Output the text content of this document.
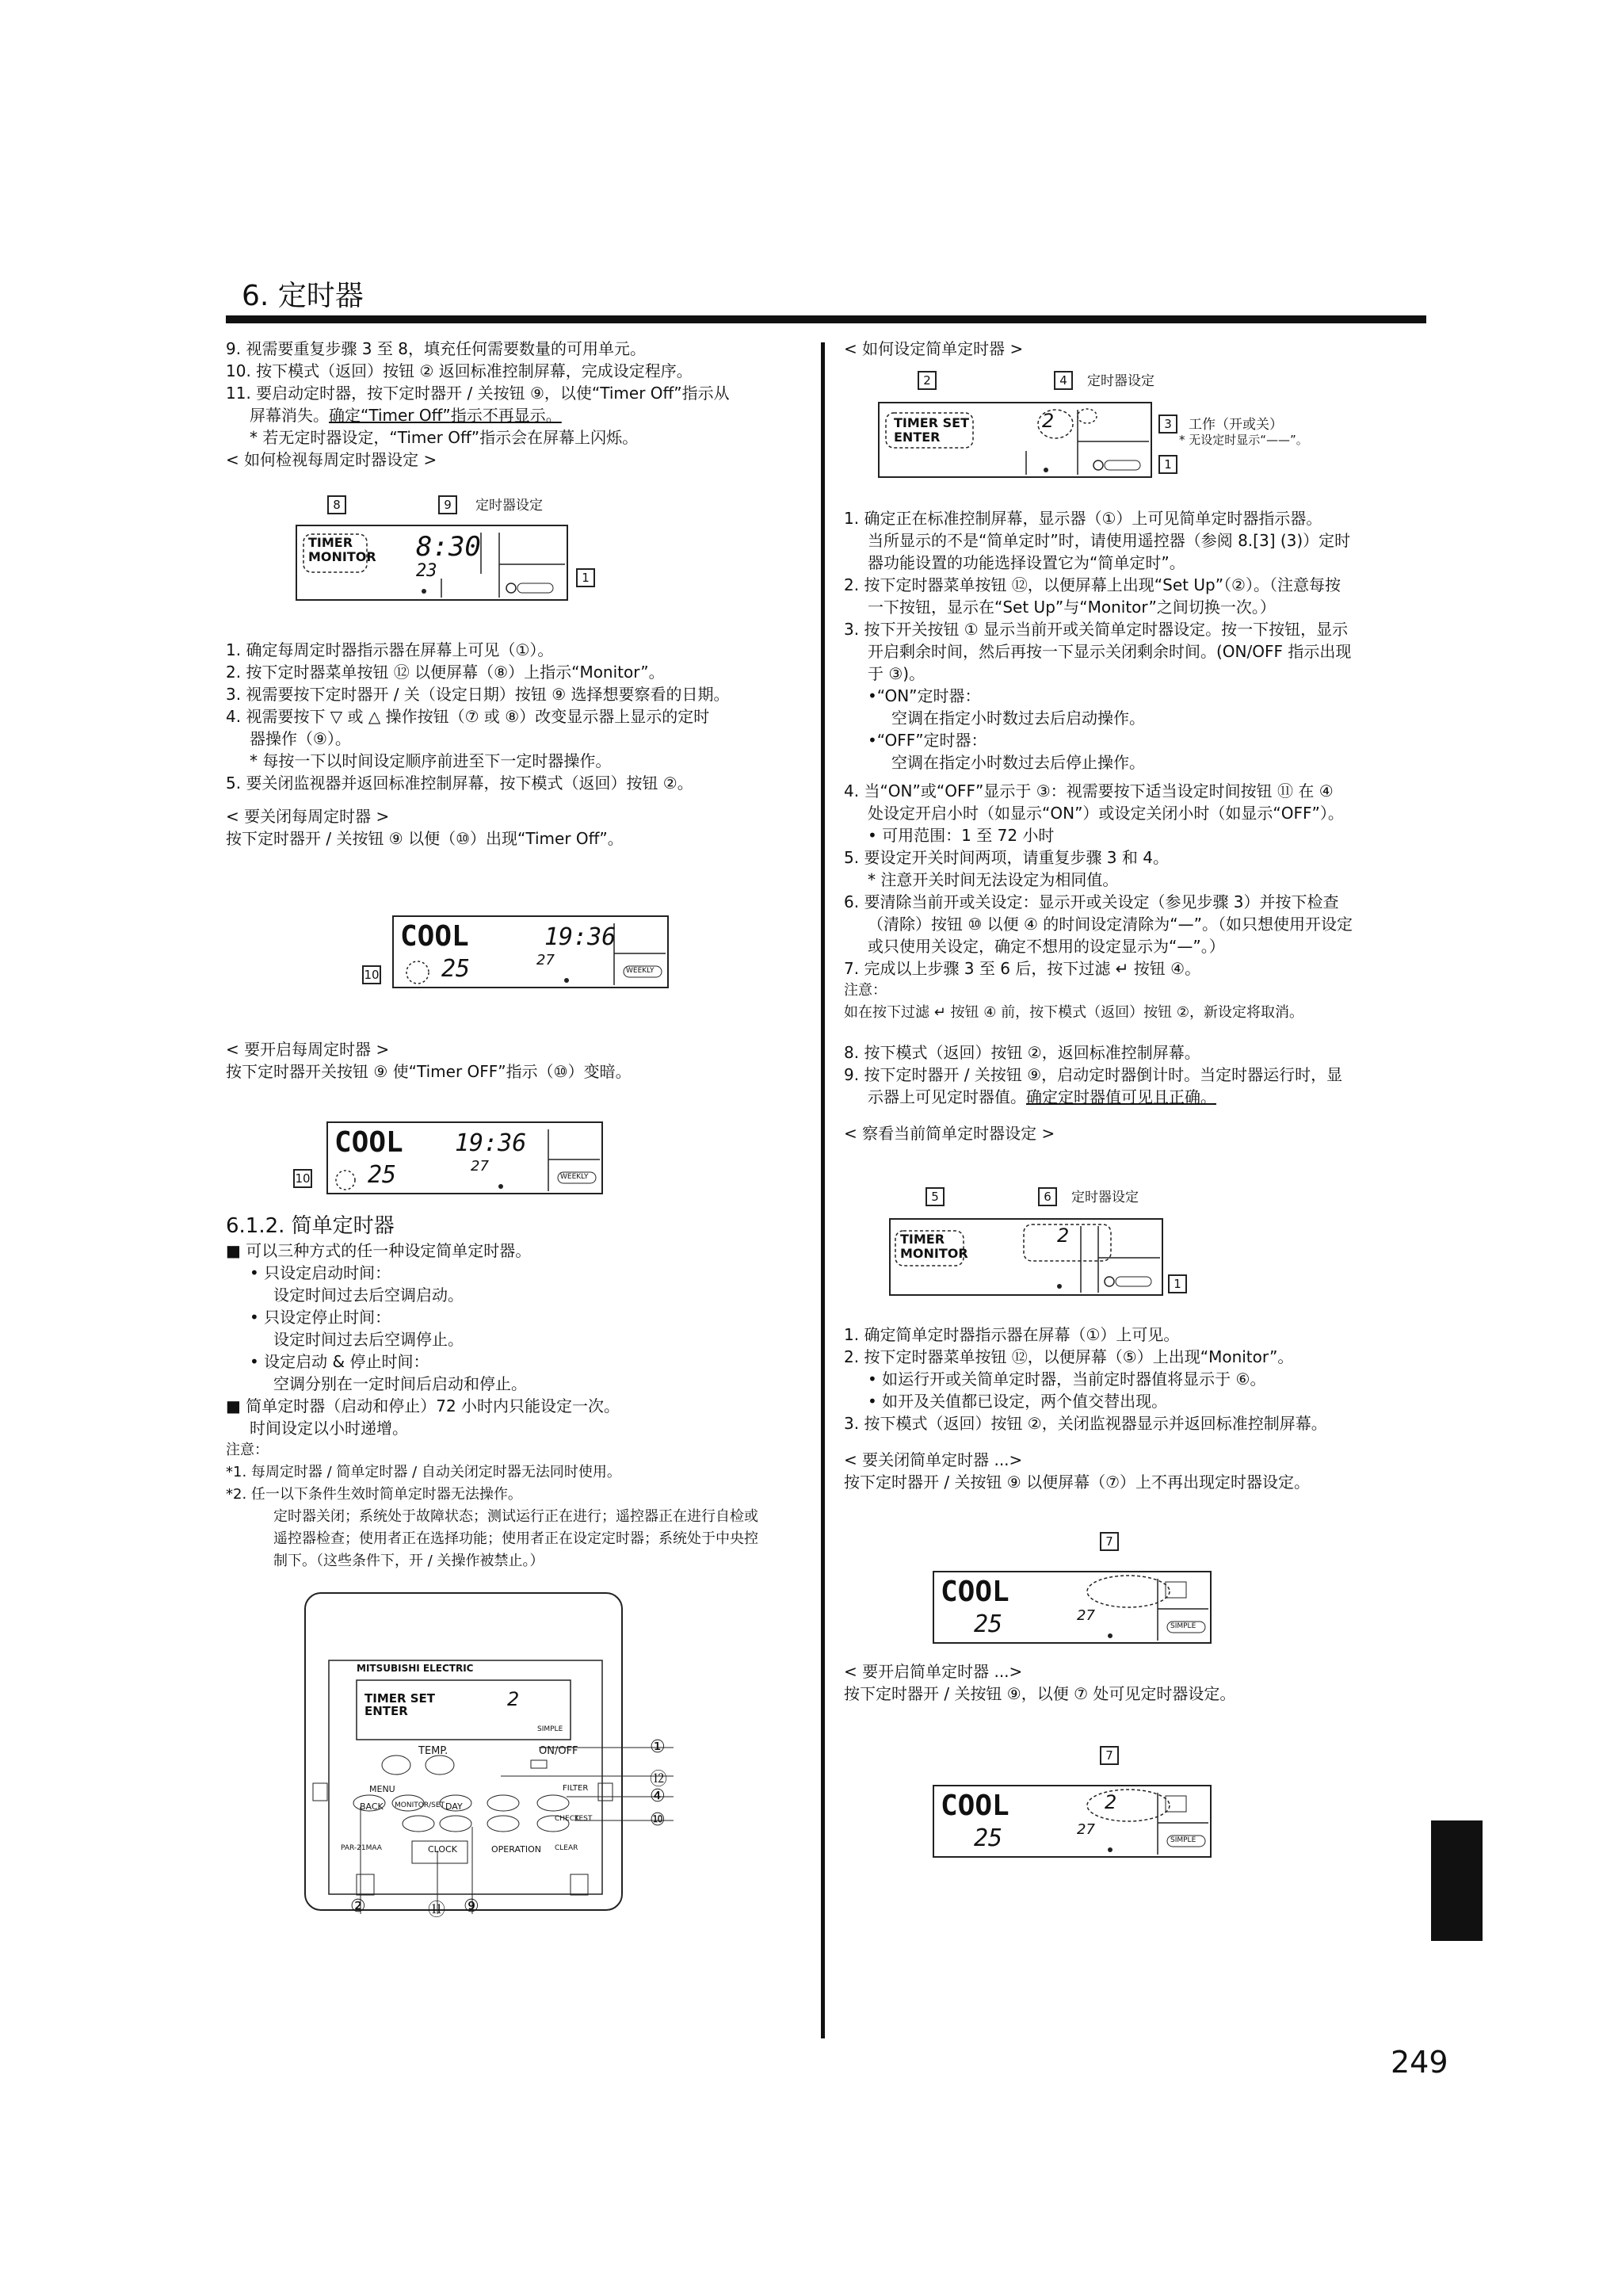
6. 定时器
249

9. 视需要重复步骤 3 至 8，填充任何需要数量的可用单元。

10. 按下模式（返回）按钮 ② 返回标准控制屏幕，完成设定程序。

11. 要启动定时器，按下定时器开 / 关按钮 ⑨，以使“Timer Off”指示从

屏幕消失。确定“Timer Off”指示不再显示。

* 若无定时器设定，“Timer Off”指示会在屏幕上闪烁。

< 如何检视每周定时器设定 >

8	9	定时器设定
TIMER
MONITOR 8:30
23	1

1. 确定每周定时器指示器在屏幕上可见（①）。

2. 按下定时器菜单按钮 ⑫ 以便屏幕（⑧）上指示“Monitor”。

3. 视需要按下定时器开 / 关（设定日期）按钮 ⑨ 选择想要察看的日期。

4. 视需要按下 ▽ 或 △ 操作按钮（⑦ 或 ⑧）改变显示器上显示的定时

器操作（⑨）。

* 每按一下以时间设定顺序前进至下一定时器操作。

5. 要关闭监视器并返回标准控制屏幕，按下模式（返回）按钮 ②。

< 要关闭每周定时器 >

按下定时器开 / 关按钮 ⑨ 以便（⑩）出现“Timer Off”。

COOL	19:36
25	27
WEEKLY
10

< 要开启每周定时器 >

按下定时器开关按钮 ⑨ 使“Timer OFF”指示（⑩）变暗。

COOL 19:36
25	27
WEEKLY
10

6.1.2. 简单定时器

■ 可以三种方式的任一种设定简单定时器。

• 只设定启动时间：

设定时间过去后空调启动。

• 只设定停止时间：

设定时间过去后空调停止。

• 设定启动 & 停止时间：

空调分别在一定时间后启动和停止。

■ 简单定时器（启动和停止）72 小时内只能设定一次。

时间设定以小时递增。

注意：

*1. 每周定时器 / 简单定时器 / 自动关闭定时器无法同时使用。

*2. 任一以下条件生效时简单定时器无法操作。

定时器关闭；系统处于故障状态；测试运行正在进行；遥控器正在进行自检或

遥控器检查；使用者正在选择功能；使用者正在设定定时器；系统处于中央控

制下。（这些条件下，开 / 关操作被禁止。）

MITSUBISHI ELECTRIC
TIMER SET
ENTER
2
SIMPLE
TEMP.	ON/OFF
MENU
BACK MONITOR/SET DAY
CLOCK	OPERATION
FILTER
CHECK
TEST
CLEAR
PAR-21MAA
①
⑫
④
⑩
②	⑪ ⑨

< 如何设定简单定时器 >

2	4	定时器设定
TIMER SET
ENTER
2	3	工作（开或关）
* 无设定时显示“——”。
1

1. 确定正在标准控制屏幕，显示器（①）上可见简单定时器指示器。

当所显示的不是“简单定时”时，请使用遥控器（参阅 8.[3] (3)）定时

器功能设置的功能选择设置它为“简单定时”。

2. 按下定时器菜单按钮 ⑫，以便屏幕上出现“Set Up”（②）。（注意每按

一下按钮，显示在“Set Up”与“Monitor”之间切换一次。）

3. 按下开关按钮 ① 显示当前开或关简单定时器设定。按一下按钮，显示

开启剩余时间，然后再按一下显示关闭剩余时间。(ON/OFF 指示出现

于 ③)。

•“ON”定时器：

空调在指定小时数过去后启动操作。

•“OFF”定时器：

空调在指定小时数过去后停止操作。

4. 当“ON”或“OFF”显示于 ③：视需要按下适当设定时间按钮 ⑪ 在 ④

处设定开启小时（如显示“ON”）或设定关闭小时（如显示“OFF”）。

• 可用范围：1 至 72 小时

5. 要设定开关时间两项，请重复步骤 3 和 4。

* 注意开关时间无法设定为相同值。

6. 要清除当前开或关设定：显示开或关设定（参见步骤 3）并按下检查

（清除）按钮 ⑩ 以便 ④ 的时间设定清除为“—”。（如只想使用开设定

或只使用关设定，确定不想用的设定显示为“—”。）

7. 完成以上步骤 3 至 6 后，按下过滤 ↵ 按钮 ④。

注意：

如在按下过滤 ↵ 按钮 ④ 前，按下模式（返回）按钮 ②，新设定将取消。

8. 按下模式（返回）按钮 ②，返回标准控制屏幕。

9. 按下定时器开 / 关按钮 ⑨，启动定时器倒计时。当定时器运行时，显

示器上可见定时器值。确定定时器值可见且正确。

< 察看当前简单定时器设定 >

5	6	定时器设定
TIMER
MONITOR
2
1

1. 确定简单定时器指示器在屏幕（①）上可见。

2. 按下定时器菜单按钮 ⑫，以便屏幕（⑤）上出现“Monitor”。

• 如运行开或关简单定时器，当前定时器值将显示于 ⑥。

• 如开及关值都已设定，两个值交替出现。

3. 按下模式（返回）按钮 ②，关闭监视器显示并返回标准控制屏幕。

< 要关闭简单定时器 ...>

按下定时器开 / 关按钮 ⑨ 以便屏幕（⑦）上不再出现定时器设定。

7
COOL
25	27
SIMPLE

< 要开启简单定时器 ...>

按下定时器开 / 关按钮 ⑨，以便 ⑦ 处可见定时器设定。

7
COOL	2
25	27
SIMPLE
